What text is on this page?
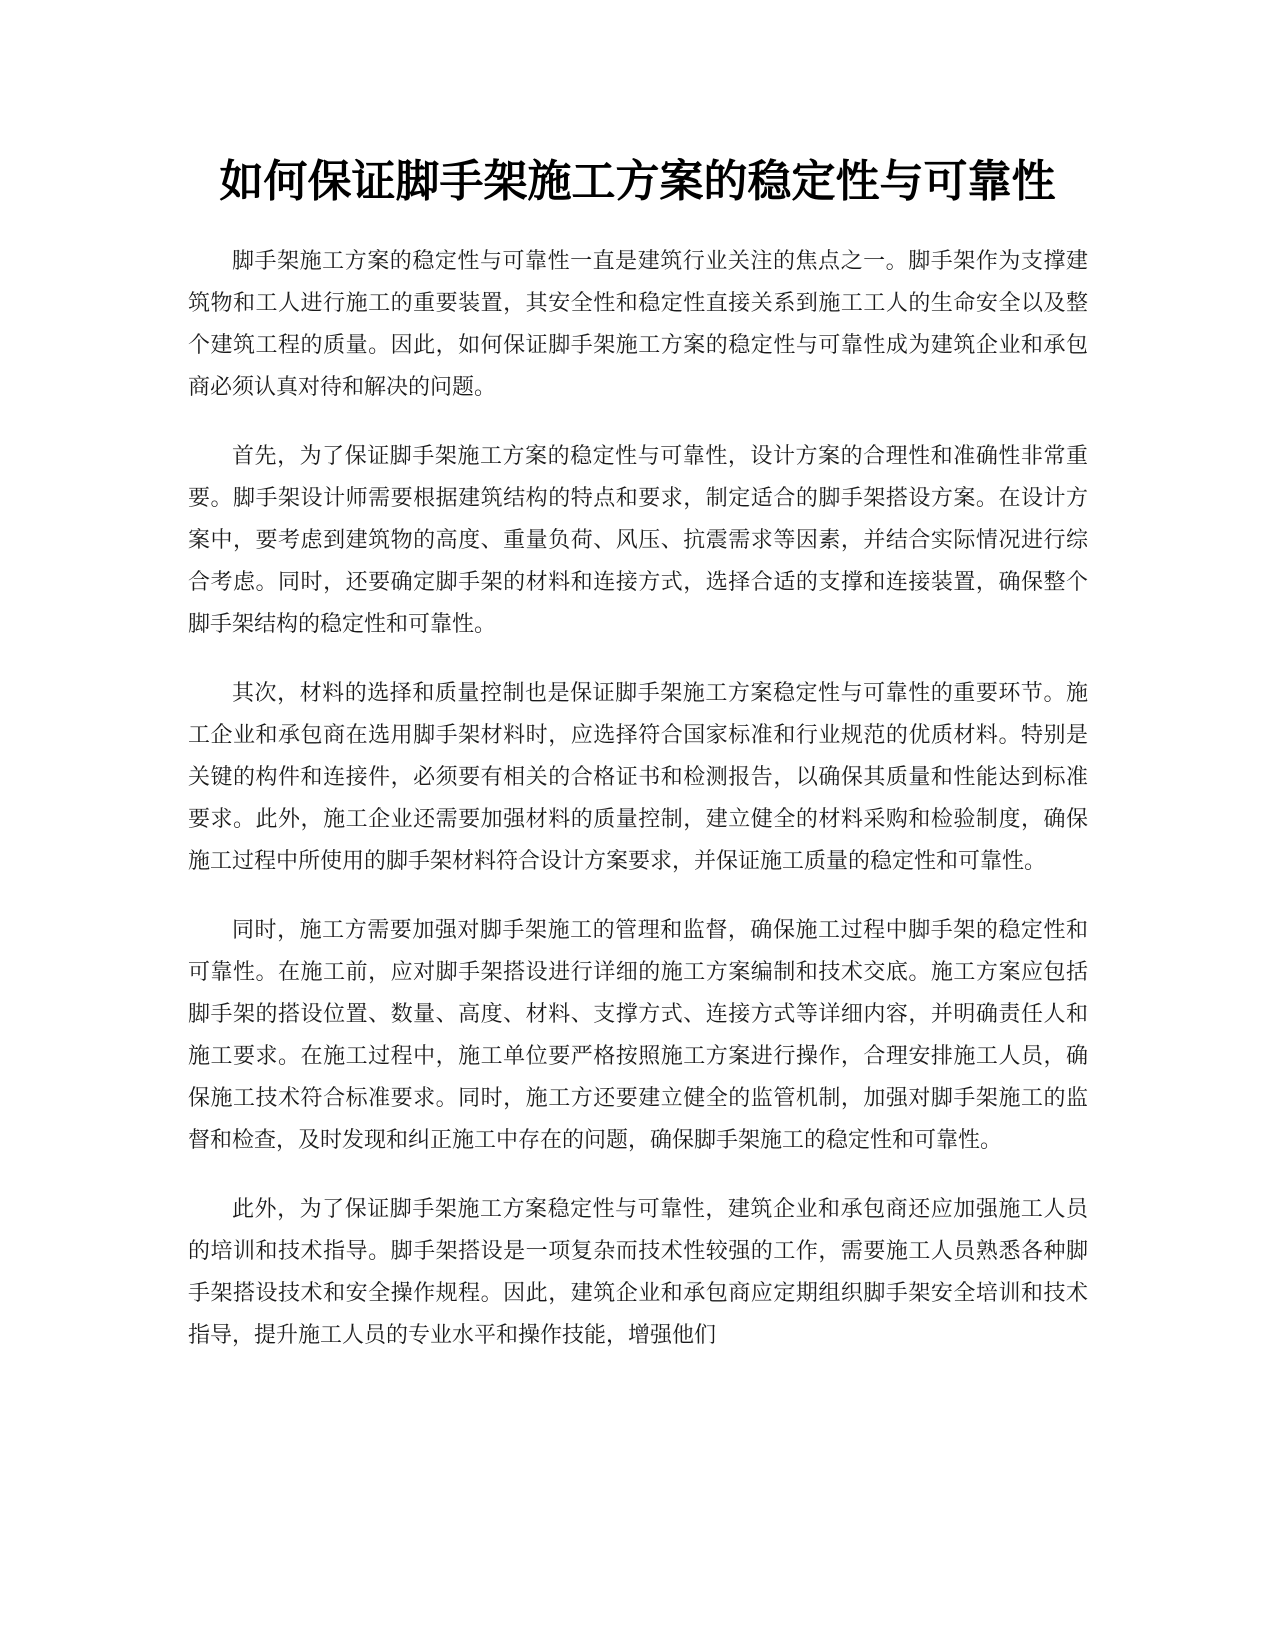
如何保证脚手架施工方案的稳定性与可靠性

脚手架施工方案的稳定性与可靠性一直是建筑行业关注的焦点之一。脚手架作为支撑建筑物和工人进行施工的重要装置，其安全性和稳定性直接关系到施工工人的生命安全以及整个建筑工程的质量。因此，如何保证脚手架施工方案的稳定性与可靠性成为建筑企业和承包商必须认真对待和解决的问题。

首先，为了保证脚手架施工方案的稳定性与可靠性，设计方案的合理性和准确性非常重要。脚手架设计师需要根据建筑结构的特点和要求，制定适合的脚手架搭设方案。在设计方案中，要考虑到建筑物的高度、重量负荷、风压、抗震需求等因素，并结合实际情况进行综合考虑。同时，还要确定脚手架的材料和连接方式，选择合适的支撑和连接装置，确保整个脚手架结构的稳定性和可靠性。

其次，材料的选择和质量控制也是保证脚手架施工方案稳定性与可靠性的重要环节。施工企业和承包商在选用脚手架材料时，应选择符合国家标准和行业规范的优质材料。特别是关键的构件和连接件，必须要有相关的合格证书和检测报告，以确保其质量和性能达到标准要求。此外，施工企业还需要加强材料的质量控制，建立健全的材料采购和检验制度，确保施工过程中所使用的脚手架材料符合设计方案要求，并保证施工质量的稳定性和可靠性。

同时，施工方需要加强对脚手架施工的管理和监督，确保施工过程中脚手架的稳定性和可靠性。在施工前，应对脚手架搭设进行详细的施工方案编制和技术交底。施工方案应包括脚手架的搭设位置、数量、高度、材料、支撑方式、连接方式等详细内容，并明确责任人和施工要求。在施工过程中，施工单位要严格按照施工方案进行操作，合理安排施工人员，确保施工技术符合标准要求。同时，施工方还要建立健全的监管机制，加强对脚手架施工的监督和检查，及时发现和纠正施工中存在的问题，确保脚手架施工的稳定性和可靠性。

此外，为了保证脚手架施工方案稳定性与可靠性，建筑企业和承包商还应加强施工人员的培训和技术指导。脚手架搭设是一项复杂而技术性较强的工作，需要施工人员熟悉各种脚手架搭设技术和安全操作规程。因此，建筑企业和承包商应定期组织脚手架安全培训和技术指导，提升施工人员的专业水平和操作技能，增强他们
